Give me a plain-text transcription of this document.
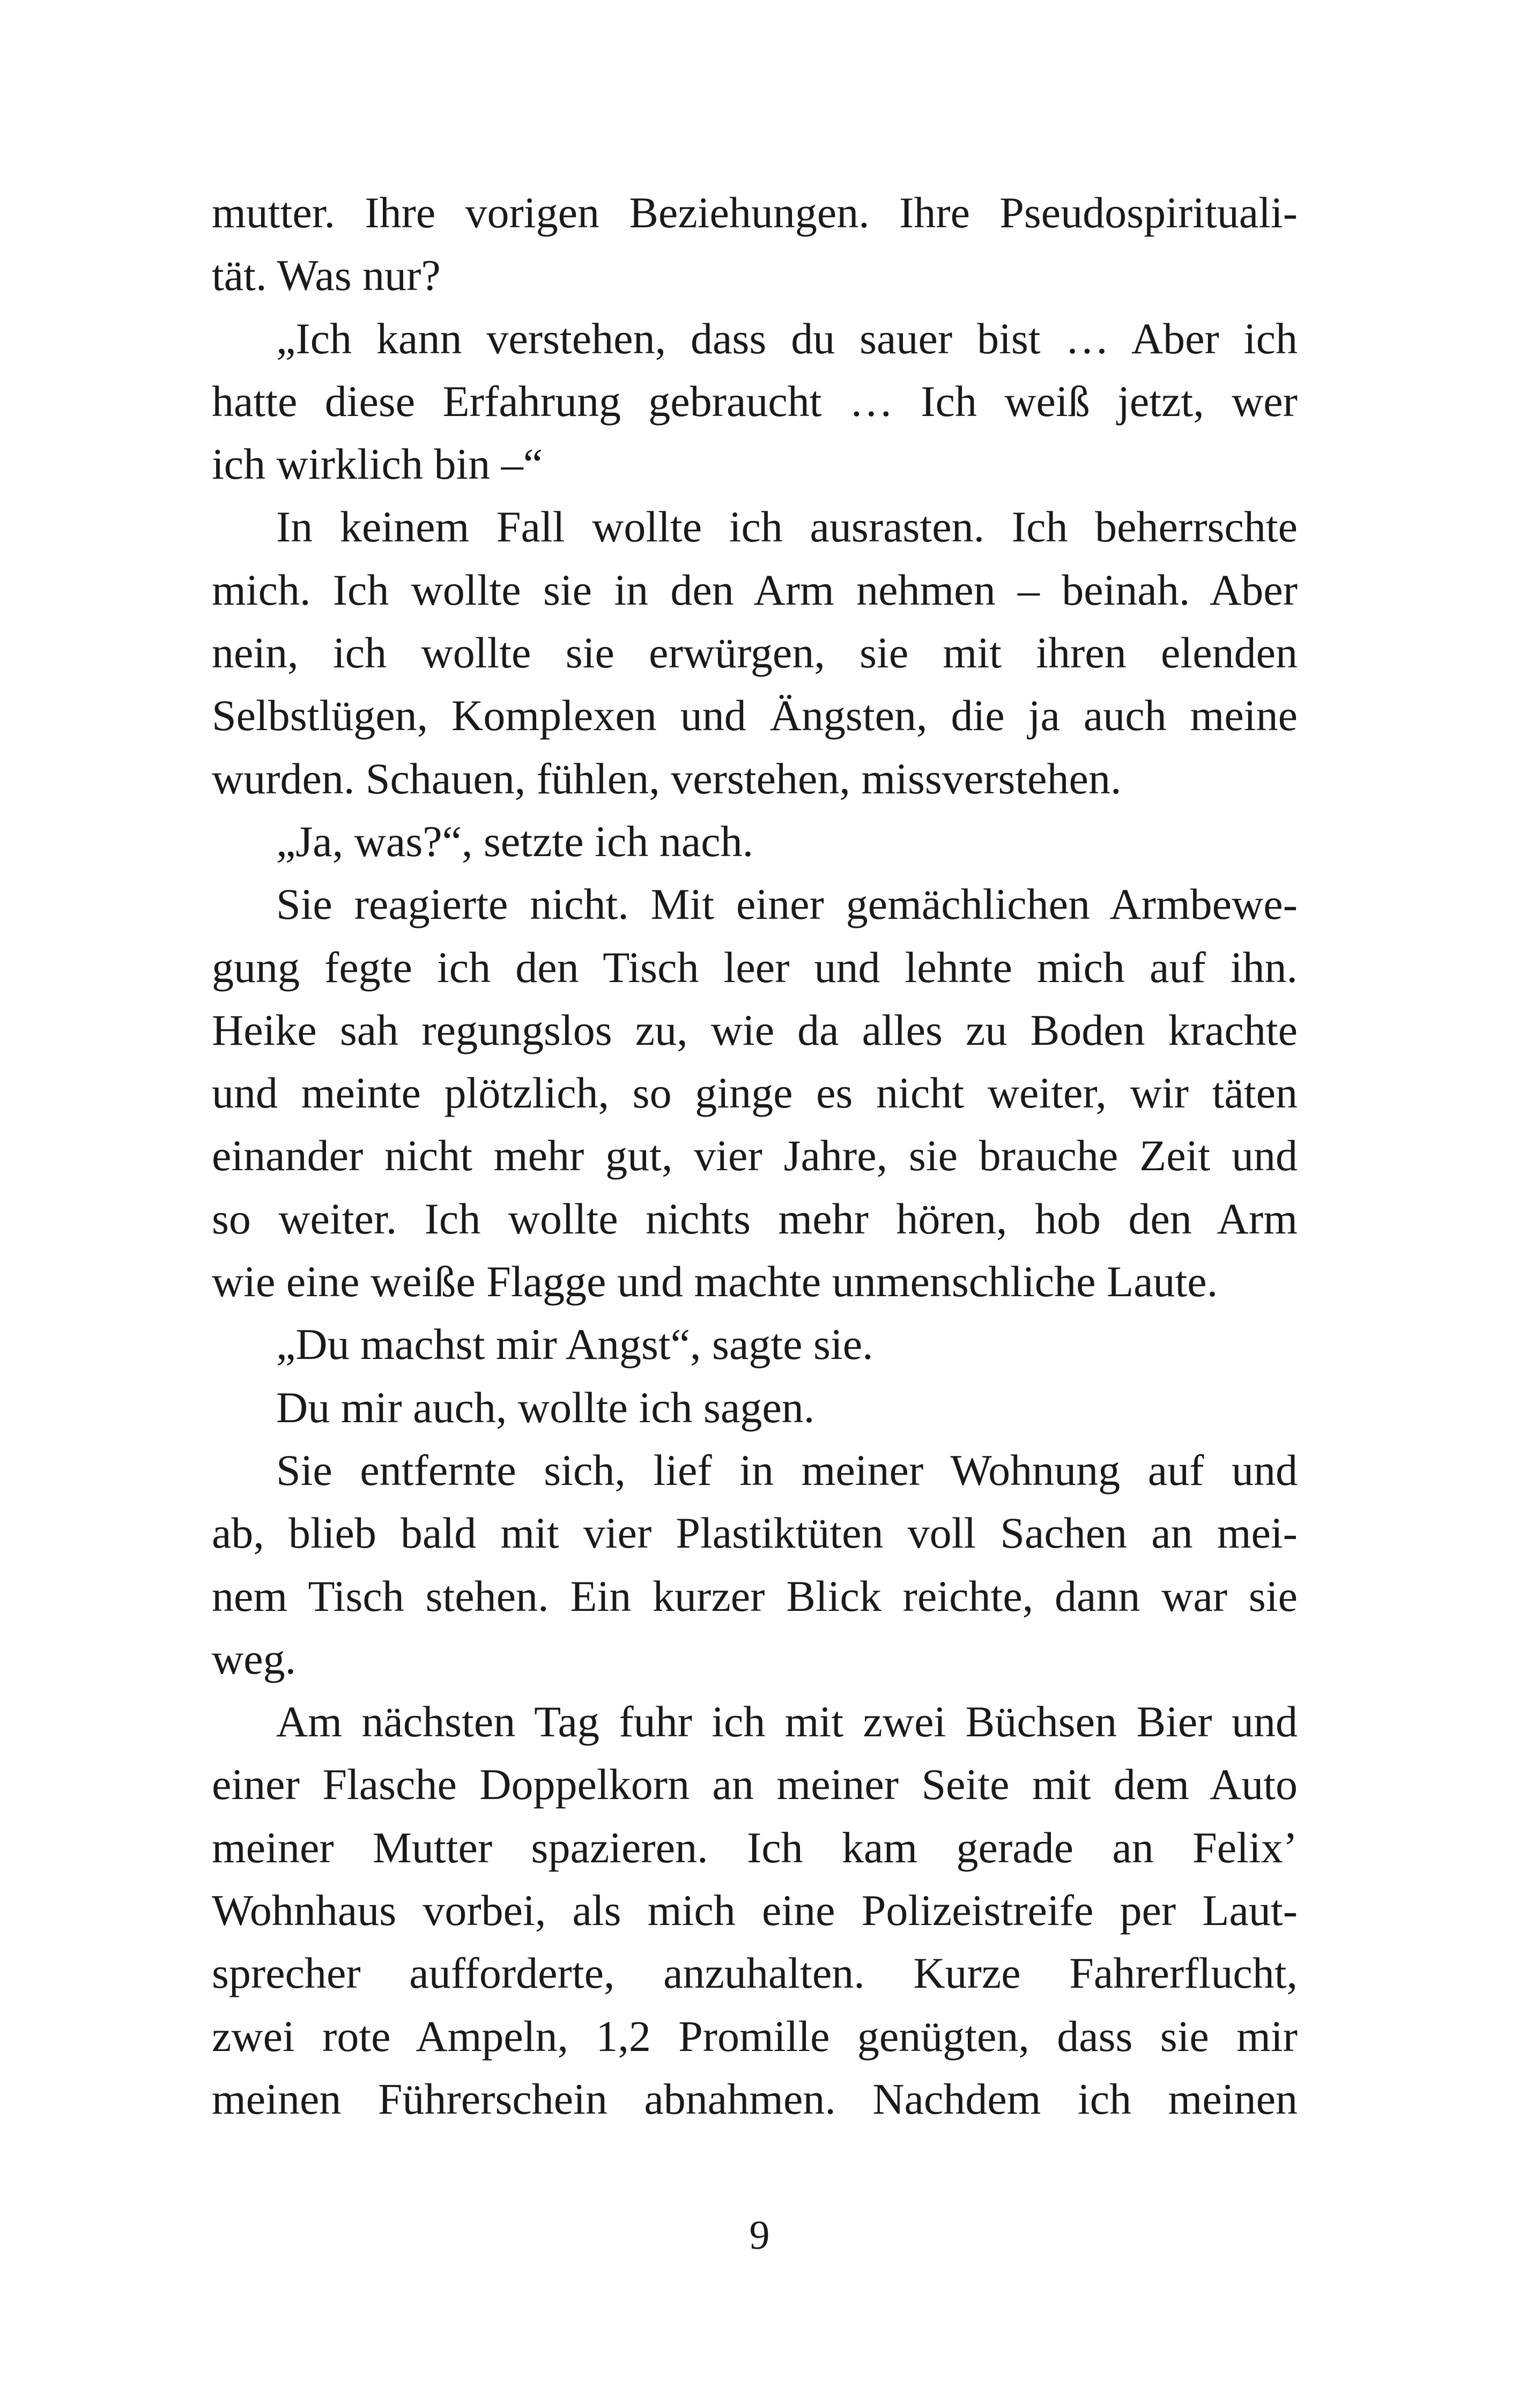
mutter. Ihre vorigen Beziehungen. Ihre Pseudospirituali-
tät. Was nur?

„Ich kann verstehen, dass du sauer bist … Aber ich
hatte diese Erfahrung gebraucht … Ich weiß jetzt, wer
ich wirklich bin –“

In keinem Fall wollte ich ausrasten. Ich beherrschte
mich. Ich wollte sie in den Arm nehmen – beinah. Aber
nein, ich wollte sie erwürgen, sie mit ihren elenden
Selbstlügen, Komplexen und Ängsten, die ja auch meine
wurden. Schauen, fühlen, verstehen, missverstehen.

„Ja, was?“, setzte ich nach.

Sie reagierte nicht. Mit einer gemächlichen Armbewe-
gung fegte ich den Tisch leer und lehnte mich auf ihn.
Heike sah regungslos zu, wie da alles zu Boden krachte
und meinte plötzlich, so ginge es nicht weiter, wir täten
einander nicht mehr gut, vier Jahre, sie brauche Zeit und
so weiter. Ich wollte nichts mehr hören, hob den Arm
wie eine weiße Flagge und machte unmenschliche Laute.

„Du machst mir Angst“, sagte sie.

Du mir auch, wollte ich sagen.

Sie entfernte sich, lief in meiner Wohnung auf und
ab, blieb bald mit vier Plastiktüten voll Sachen an mei-
nem Tisch stehen. Ein kurzer Blick reichte, dann war sie
weg.

Am nächsten Tag fuhr ich mit zwei Büchsen Bier und
einer Flasche Doppelkorn an meiner Seite mit dem Auto
meiner Mutter spazieren. Ich kam gerade an Felix’
Wohnhaus vorbei, als mich eine Polizeistreife per Laut-
sprecher aufforderte, anzuhalten. Kurze Fahrerflucht,
zwei rote Ampeln, 1,2 Promille genügten, dass sie mir
meinen Führerschein abnahmen. Nachdem ich meinen

9
